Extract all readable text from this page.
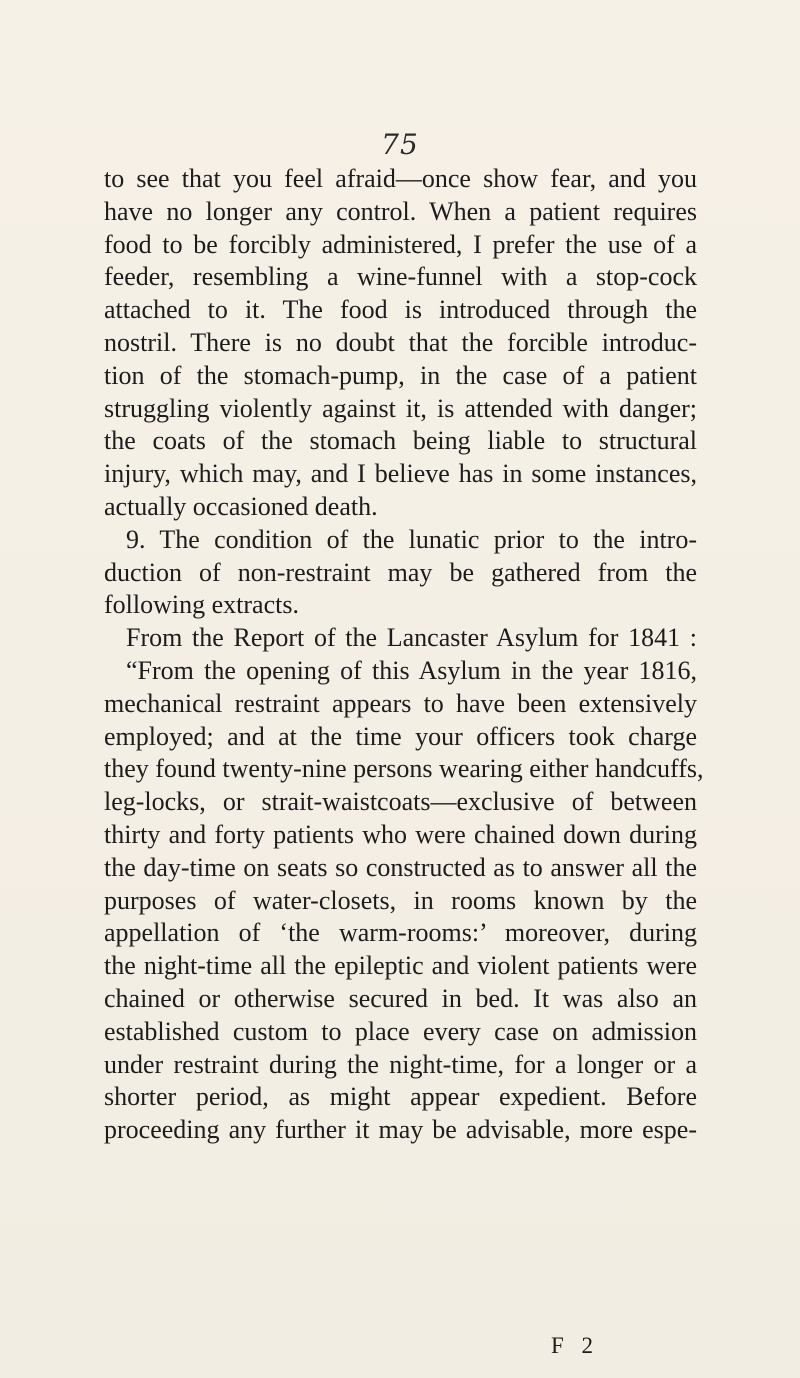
75
to see that you feel afraid—once show fear, and you
have no longer any control. When a patient requires
food to be forcibly administered, I prefer the use of a
feeder, resembling a wine-funnel with a stop-cock
attached to it. The food is introduced through the
nostril. There is no doubt that the forcible introduc-
tion of the stomach-pump, in the case of a patient
struggling violently against it, is attended with danger;
the coats of the stomach being liable to structural
injury, which may, and I believe has in some instances,
actually occasioned death.
9. The condition of the lunatic prior to the intro-
duction of non-restraint may be gathered from the
following extracts.
From the Report of the Lancaster Asylum for 1841 :
“From the opening of this Asylum in the year 1816,
mechanical restraint appears to have been extensively
employed; and at the time your officers took charge
they found twenty-nine persons wearing either handcuffs,
leg-locks, or strait-waistcoats—exclusive of between
thirty and forty patients who were chained down during
the day-time on seats so constructed as to answer all the
purposes of water-closets, in rooms known by the
appellation of ‘the warm-rooms:’ moreover, during
the night-time all the epileptic and violent patients were
chained or otherwise secured in bed. It was also an
established custom to place every case on admission
under restraint during the night-time, for a longer or a
shorter period, as might appear expedient. Before
proceeding any further it may be advisable, more espe-
F 2
